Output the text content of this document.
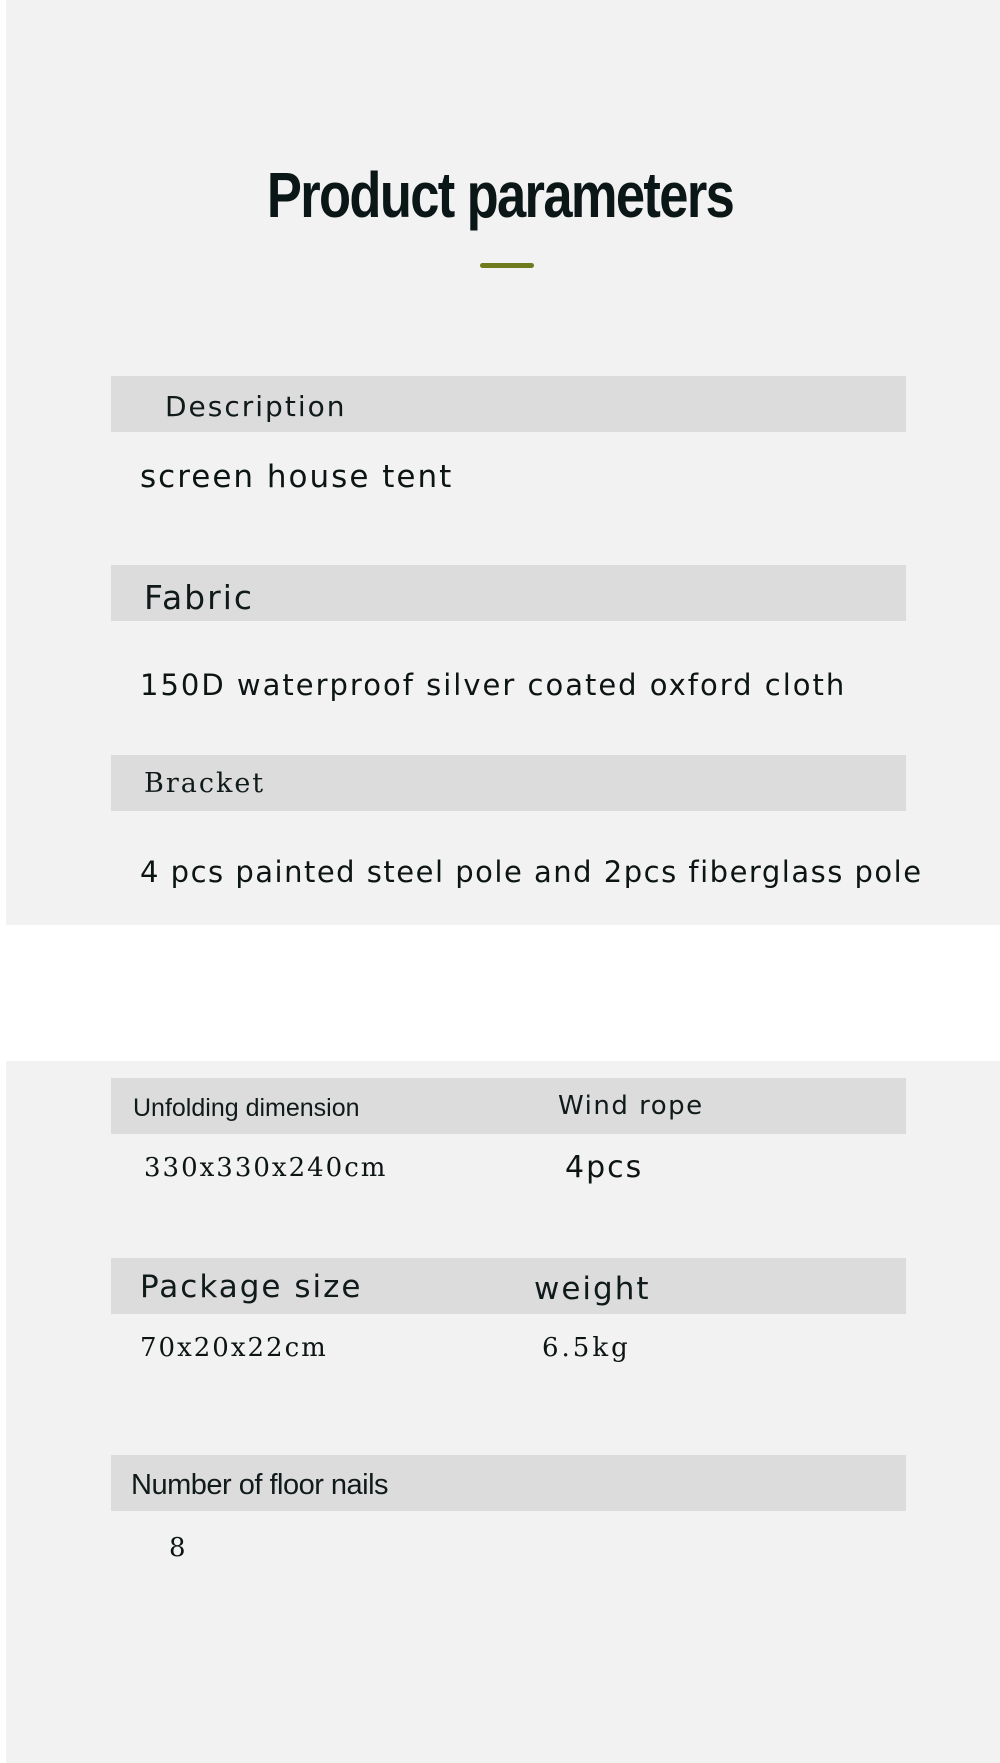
Product parameters
Description
screen house tent
Fabric
150D waterproof silver coated oxford cloth
Bracket
4 pcs painted steel pole and 2pcs fiberglass pole
Unfolding dimension	Wind rope
330x330x240cm	4pcs
Package size	weight
70x20x22cm	6.5kg
Number of floor nails
8
